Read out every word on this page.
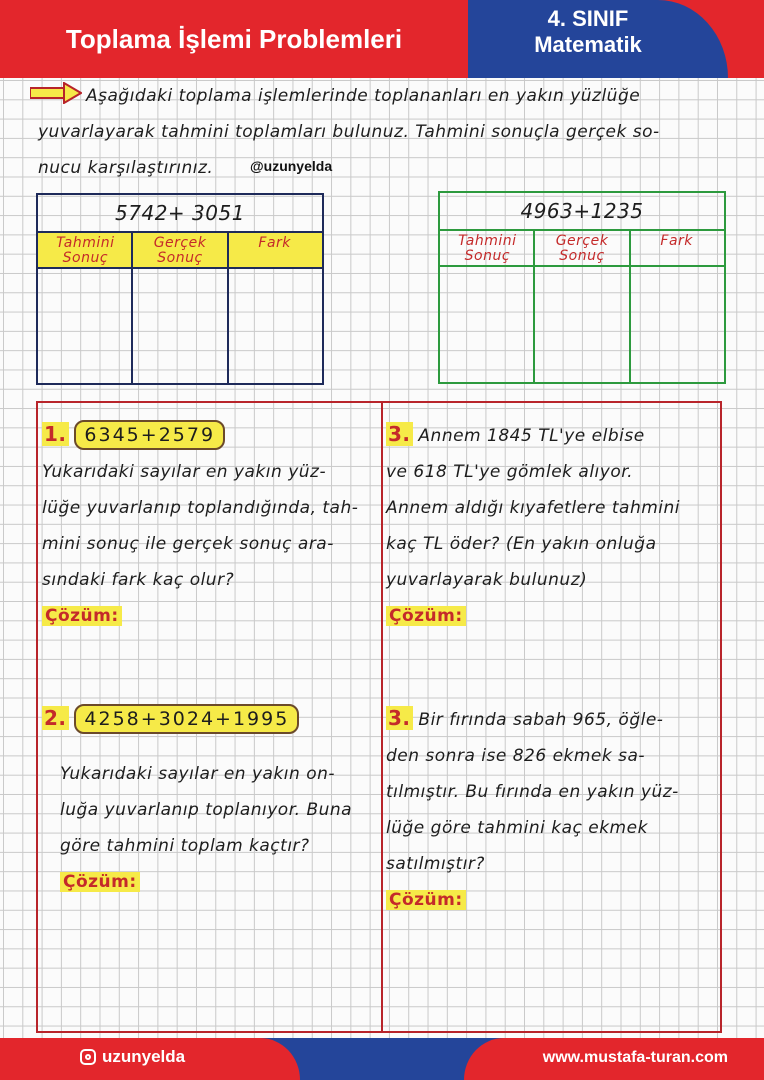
Toplama İşlemi Problemleri
4. SINIF
Matematik
Aşağıdaki toplama işlemlerinde toplananları en yakın yüzlüğe
yuvarlayarak tahmini toplamları bulunuz. Tahmini sonuçla gerçek so-
nucu karşılaştırınız.	@uzunyelda
5742+ 3051
Tahmini Sonuç
Gerçek Sonuç
Fark
4963+1235
Tahmini Sonuç
Gerçek Sonuç
Fark
1. 6345+2579
Yukarıdaki sayılar en yakın yüz-
lüğe yuvarlanıp toplandığında, tah-
mini sonuç ile gerçek sonuç ara-
sındaki fark kaç olur?
Çözüm:
3. Annem 1845 TL'ye elbise
ve 618 TL'ye gömlek alıyor.
Annem aldığı kıyafetlere tahmini
kaç TL öder? (En yakın onluğa
yuvarlayarak bulunuz)
Çözüm:
2. 4258+3024+1995
Yukarıdaki sayılar en yakın on-
luğa yuvarlanıp toplanıyor. Buna
göre tahmini toplam kaçtır?
Çözüm:
3. Bir fırında sabah 965, öğle-
den sonra ise 826 ekmek sa-
tılmıştır. Bu fırında en yakın yüz-
lüğe göre tahmini kaç ekmek
satılmıştır?
Çözüm:
uzunyelda	www.mustafa-turan.com
